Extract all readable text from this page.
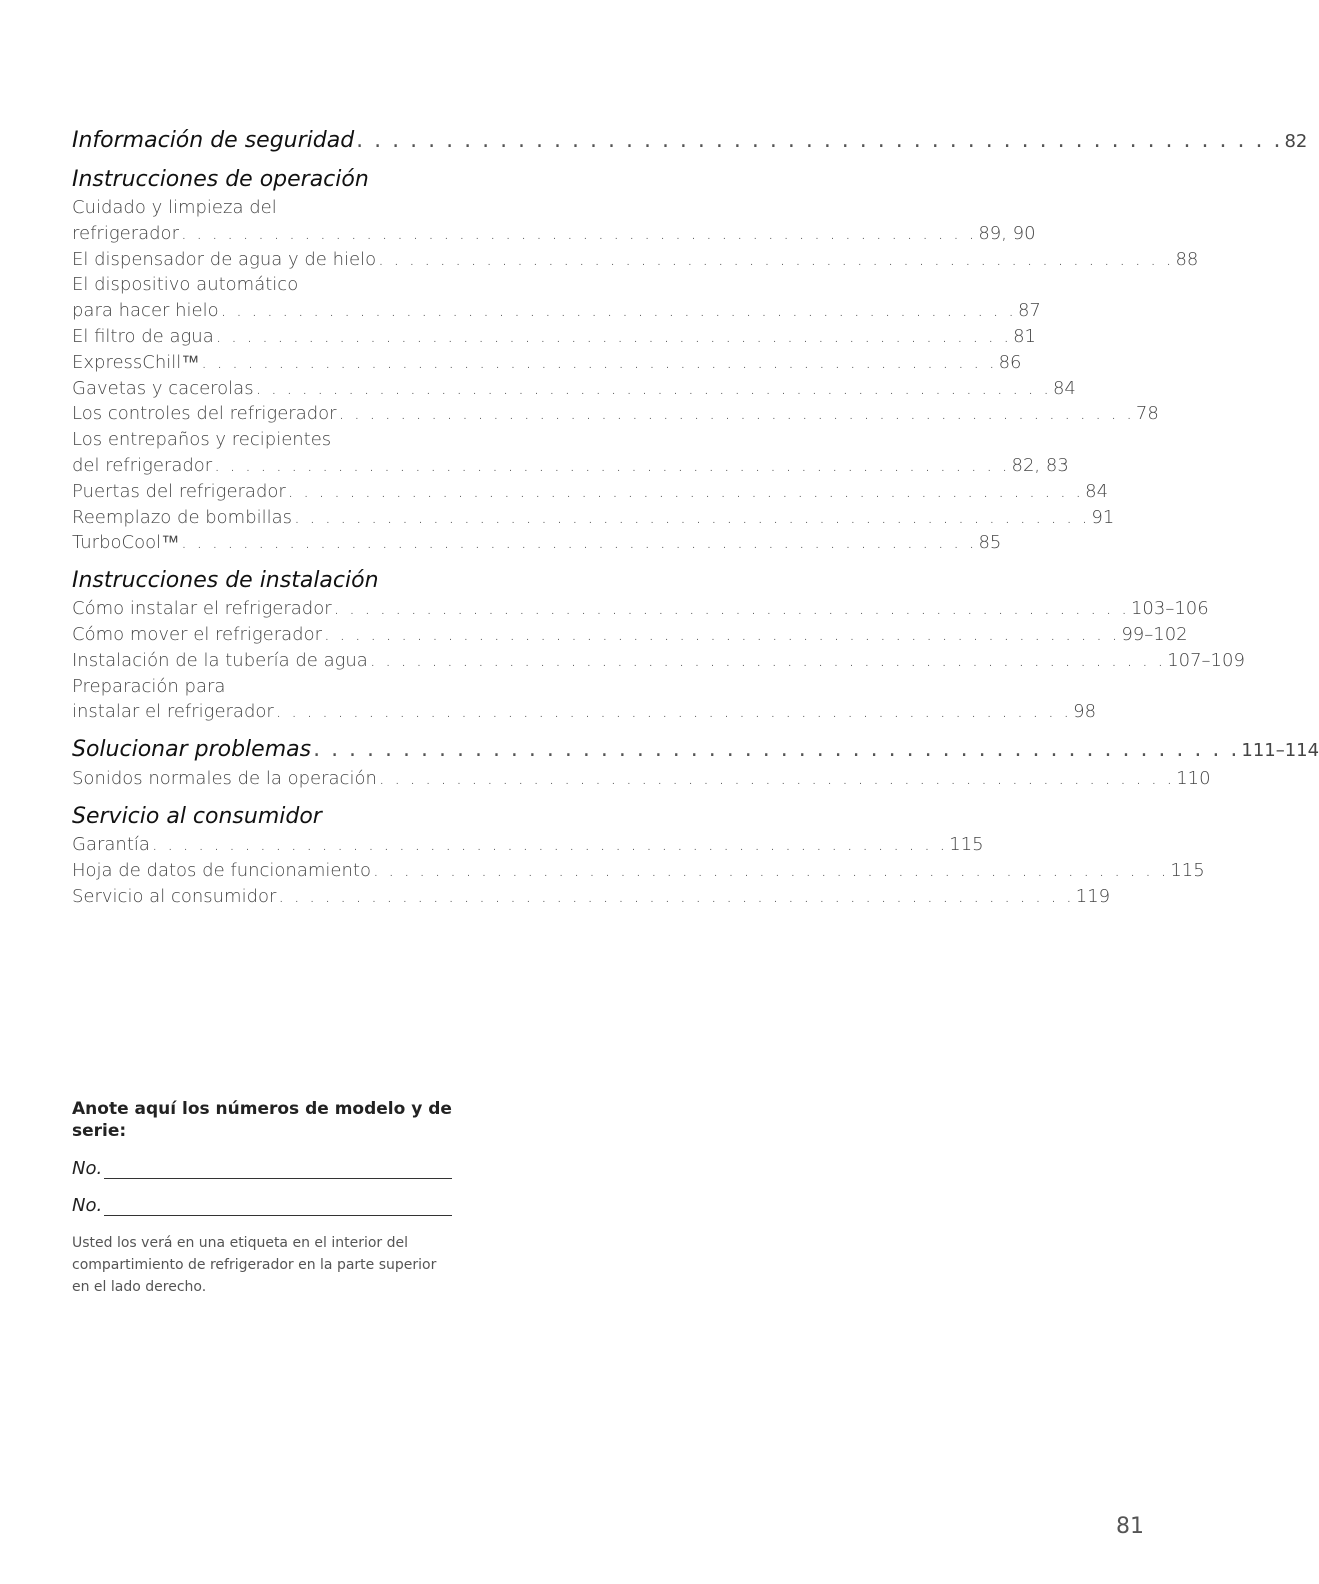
Información de seguridad . . . . . . . . . . . . . . . . . . . . . . . . . . . . . . . . . . . . . . . . . . . . . . . . . . . . 82
Instrucciones de operación
Cuidado y limpieza del
refrigerador . . . . . . . . . . . . . . . . . . . . . . . . . . . . . . . . . . . . . . . . . . . . . . . . . . . . 89, 90
El dispensador de agua y de hielo . . . . . . . . . . . . . . . . . . . . . . . . . . . . . . . . . . . . . . . . . . . . . . . . . . . . 88
El dispositivo automático
para hacer hielo . . . . . . . . . . . . . . . . . . . . . . . . . . . . . . . . . . . . . . . . . . . . . . . . . . . . 87
El filtro de agua . . . . . . . . . . . . . . . . . . . . . . . . . . . . . . . . . . . . . . . . . . . . . . . . . . . . 81
ExpressChill™ . . . . . . . . . . . . . . . . . . . . . . . . . . . . . . . . . . . . . . . . . . . . . . . . . . . . 86
Gavetas y cacerolas . . . . . . . . . . . . . . . . . . . . . . . . . . . . . . . . . . . . . . . . . . . . . . . . . . . . 84
Los controles del refrigerador . . . . . . . . . . . . . . . . . . . . . . . . . . . . . . . . . . . . . . . . . . . . . . . . . . . . 78
Los entrepaños y recipientes
del refrigerador . . . . . . . . . . . . . . . . . . . . . . . . . . . . . . . . . . . . . . . . . . . . . . . . . . . . 82, 83
Puertas del refrigerador . . . . . . . . . . . . . . . . . . . . . . . . . . . . . . . . . . . . . . . . . . . . . . . . . . . . 84
Reemplazo de bombillas . . . . . . . . . . . . . . . . . . . . . . . . . . . . . . . . . . . . . . . . . . . . . . . . . . . . 91
TurboCool™ . . . . . . . . . . . . . . . . . . . . . . . . . . . . . . . . . . . . . . . . . . . . . . . . . . . . 85
Instrucciones de instalación
Cómo instalar el refrigerador . . . . . . . . . . . . . . . . . . . . . . . . . . . . . . . . . . . . . . . . . . . . . . . . . . . . 103–106
Cómo mover el refrigerador . . . . . . . . . . . . . . . . . . . . . . . . . . . . . . . . . . . . . . . . . . . . . . . . . . . . 99–102
Instalación de la tubería de agua . . . . . . . . . . . . . . . . . . . . . . . . . . . . . . . . . . . . . . . . . . . . . . . . . . . . 107–109
Preparación para
instalar el refrigerador . . . . . . . . . . . . . . . . . . . . . . . . . . . . . . . . . . . . . . . . . . . . . . . . . . . . 98
Solucionar problemas . . . . . . . . . . . . . . . . . . . . . . . . . . . . . . . . . . . . . . . . . . . . . . . . . . . . 111–114
Sonidos normales de la operación . . . . . . . . . . . . . . . . . . . . . . . . . . . . . . . . . . . . . . . . . . . . . . . . . . . . 110
Servicio al consumidor
Garantía . . . . . . . . . . . . . . . . . . . . . . . . . . . . . . . . . . . . . . . . . . . . . . . . . . . . 115
Hoja de datos de funcionamiento . . . . . . . . . . . . . . . . . . . . . . . . . . . . . . . . . . . . . . . . . . . . . . . . . . . . 115
Servicio al consumidor . . . . . . . . . . . . . . . . . . . . . . . . . . . . . . . . . . . . . . . . . . . . . . . . . . . . 119
Anote aquí los números de modelo y de serie:
No.
No.
Usted los verá en una etiqueta en el interior del compartimiento de refrigerador en la parte superior en el lado derecho.
81
